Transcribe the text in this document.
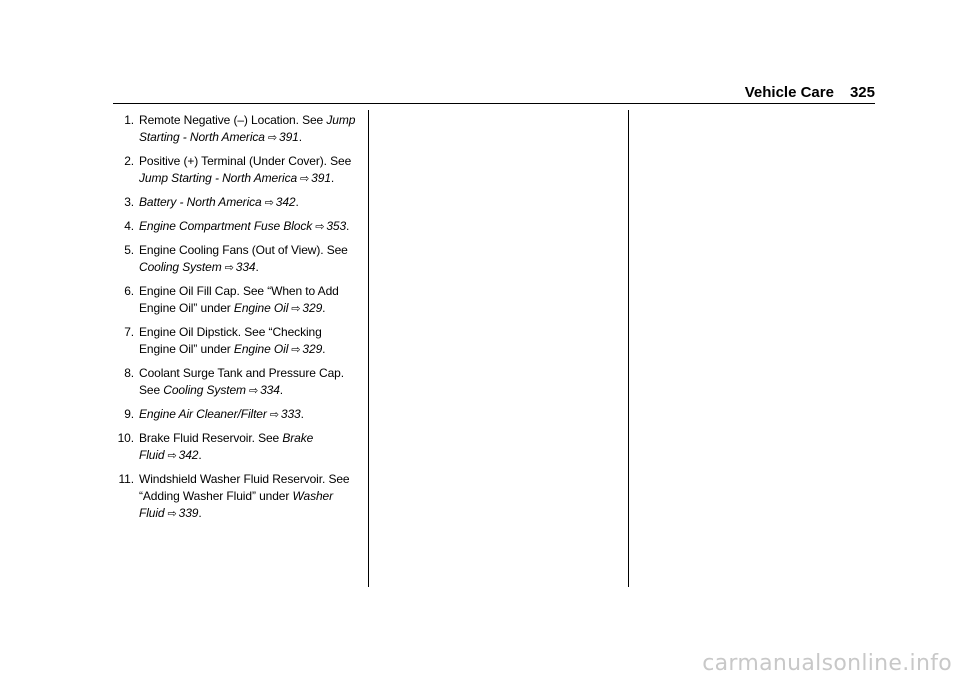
Vehicle Care 325
1. Remote Negative (–) Location. See Jump Starting - North America ⇨ 391.
2. Positive (+) Terminal (Under Cover). See Jump Starting - North America ⇨ 391.
3. Battery - North America ⇨ 342.
4. Engine Compartment Fuse Block ⇨ 353.
5. Engine Cooling Fans (Out of View). See Cooling System ⇨ 334.
6. Engine Oil Fill Cap. See “When to Add Engine Oil” under Engine Oil ⇨ 329.
7. Engine Oil Dipstick. See “Checking Engine Oil” under Engine Oil ⇨ 329.
8. Coolant Surge Tank and Pressure Cap. See Cooling System ⇨ 334.
9. Engine Air Cleaner/Filter ⇨ 333.
10. Brake Fluid Reservoir. See Brake Fluid ⇨ 342.
11. Windshield Washer Fluid Reservoir. See “Adding Washer Fluid” under Washer Fluid ⇨ 339.
carmanualsonline.info
